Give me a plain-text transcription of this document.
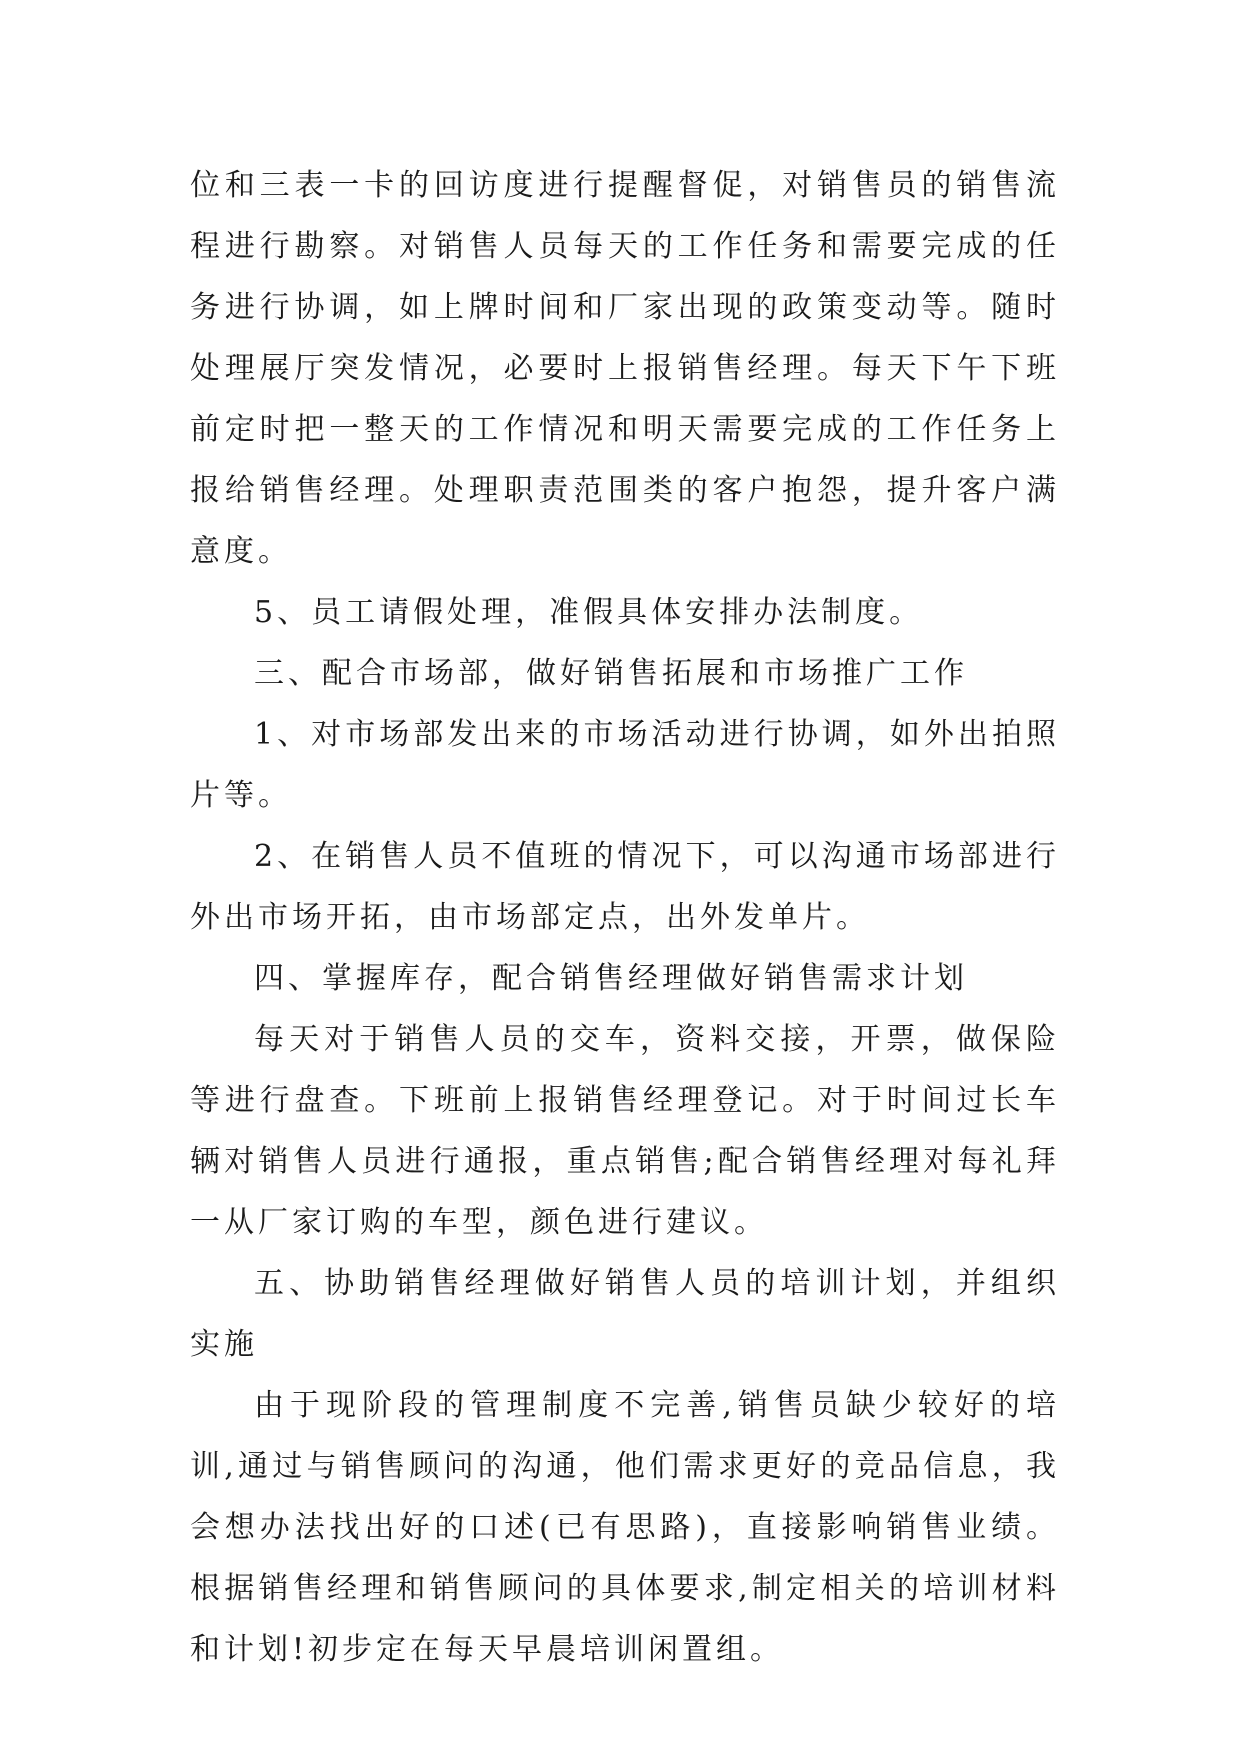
位和三表一卡的回访度进行提醒督促，对销售员的销售流程进行勘察。对销售人员每天的工作任务和需要完成的任务进行协调，如上牌时间和厂家出现的政策变动等。随时处理展厅突发情况，必要时上报销售经理。每天下午下班前定时把一整天的工作情况和明天需要完成的工作任务上报给销售经理。处理职责范围类的客户抱怨，提升客户满意度。

5、员工请假处理，准假具体安排办法制度。

三、配合市场部，做好销售拓展和市场推广工作

1、对市场部发出来的市场活动进行协调，如外出拍照片等。

2、在销售人员不值班的情况下，可以沟通市场部进行外出市场开拓，由市场部定点，出外发单片。

四、掌握库存，配合销售经理做好销售需求计划

每天对于销售人员的交车，资料交接，开票，做保险等进行盘查。下班前上报销售经理登记。对于时间过长车辆对销售人员进行通报，重点销售;配合销售经理对每礼拜一从厂家订购的车型，颜色进行建议。

五、协助销售经理做好销售人员的培训计划，并组织实施

由于现阶段的管理制度不完善,销售员缺少较好的培训,通过与销售顾问的沟通，他们需求更好的竞品信息，我会想办法找出好的口述(已有思路)，直接影响销售业绩。根据销售经理和销售顾问的具体要求,制定相关的培训材料和计划!初步定在每天早晨培训闲置组。
